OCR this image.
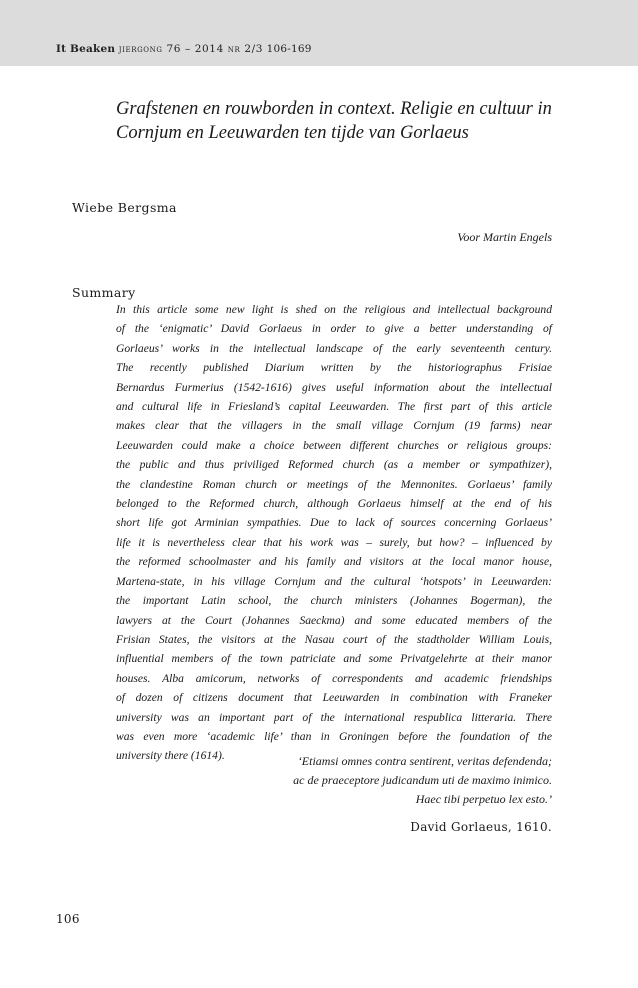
It Beaken jiergong 76 – 2014 nr 2/3 106-169
Grafstenen en rouwborden in context. Religie en cultuur in
Cornjum en Leeuwarden ten tijde van Gorlaeus
Wiebe Bergsma
Voor Martin Engels
Summary
In this article some new light is shed on the religious and intellectual background
of the ‘enigmatic’ David Gorlaeus in order to give a better understanding of
Gorlaeus’ works in the intellectual landscape of the early seventeenth century.
The recently published Diarium written by the historiographus Frisiae
Bernardus Furmerius (1542-1616) gives useful information about the intellectual
and cultural life in Friesland’s capital Leeuwarden. The first part of this article
makes clear that the villagers in the small village Cornjum (19 farms) near
Leeuwarden could make a choice between different churches or religious groups:
the public and thus priviliged Reformed church (as a member or sympathizer),
the clandestine Roman church or meetings of the Mennonites. Gorlaeus’ family
belonged to the Reformed church, although Gorlaeus himself at the end of his
short life got Arminian sympathies. Due to lack of sources concerning Gorlaeus’
life it is nevertheless clear that his work was – surely, but how? – influenced by
the reformed schoolmaster and his family and visitors at the local manor house,
Martena-state, in his village Cornjum and the cultural ‘hotspots’ in Leeuwarden:
the important Latin school, the church ministers (Johannes Bogerman), the
lawyers at the Court (Johannes Saeckma) and some educated members of the
Frisian States, the visitors at the Nasau court of the stadtholder William Louis,
influential members of the town patriciate and some Privatgelehrte at their manor
houses. Alba amicorum, networks of correspondents and academic friendships
of dozen of citizens document that Leeuwarden in combination with Franeker
university was an important part of the international respublica litteraria. There
was even more ‘academic life’ than in Groningen before the foundation of the
university there (1614).	‘Etiamsi omnes contra sentirent, veritas defendenda;
ac de praeceptore judicandum uti de maximo inimico.
Haec tibi perpetuo lex esto.’
David Gorlaeus, 1610.
106
